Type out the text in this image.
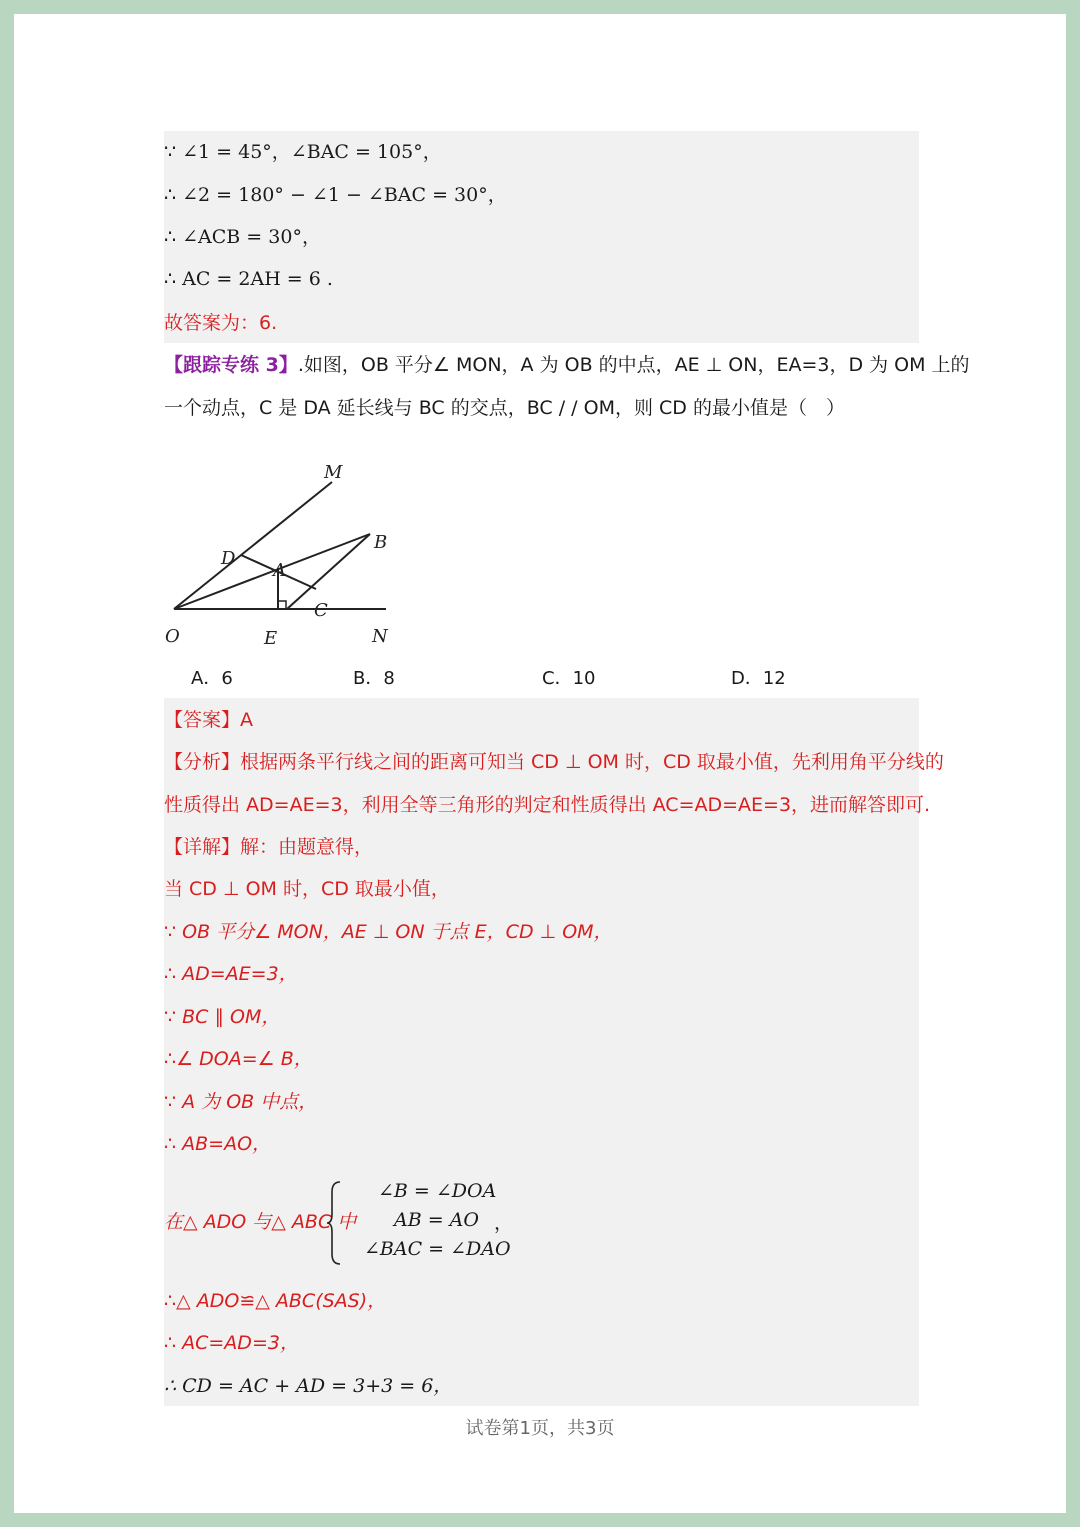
∵ ∠1 = 45°，∠BAC = 105°，
∴ ∠2 = 180° − ∠1 − ∠BAC = 30°，
∴ ∠ACB = 30°，
∴ AC = 2AH = 6 .
故答案为：6.
【跟踪专练 3】.如图，OB 平分∠ MON，A 为 OB 的中点，AE ⊥ ON，EA=3，D 为 OM 上的
一个动点，C 是 DA 延长线与 BC 的交点，BC / / OM，则 CD 的最小值是（　）
M
B
D
A
C
O	E	N
A．6	B．8	C．10	D．12
【答案】A
【分析】根据两条平行线之间的距离可知当 CD ⊥ OM 时，CD 取最小值，先利用角平分线的
性质得出 AD=AE=3，利用全等三角形的判定和性质得出 AC=AD=AE=3，进而解答即可.
【详解】解：由题意得，
当 CD ⊥ OM 时，CD 取最小值，
∵ OB 平分∠ MON，AE ⊥ ON 于点 E，CD ⊥ OM，
∴ AD=AE=3，
∵ BC ∥ OM，
∴∠ DOA=∠ B，
∵ A 为 OB 中点，
∴ AB=AO，
在△ ADO 与△ ABC 中
∠B = ∠DOA
AB = AO
∠BAC = ∠DAO
，
∴△ ADO≌△ ABC(SAS)，
∴ AC=AD=3，
∴ CD = AC + AD = 3+3 = 6，
试卷第1页，共3页
